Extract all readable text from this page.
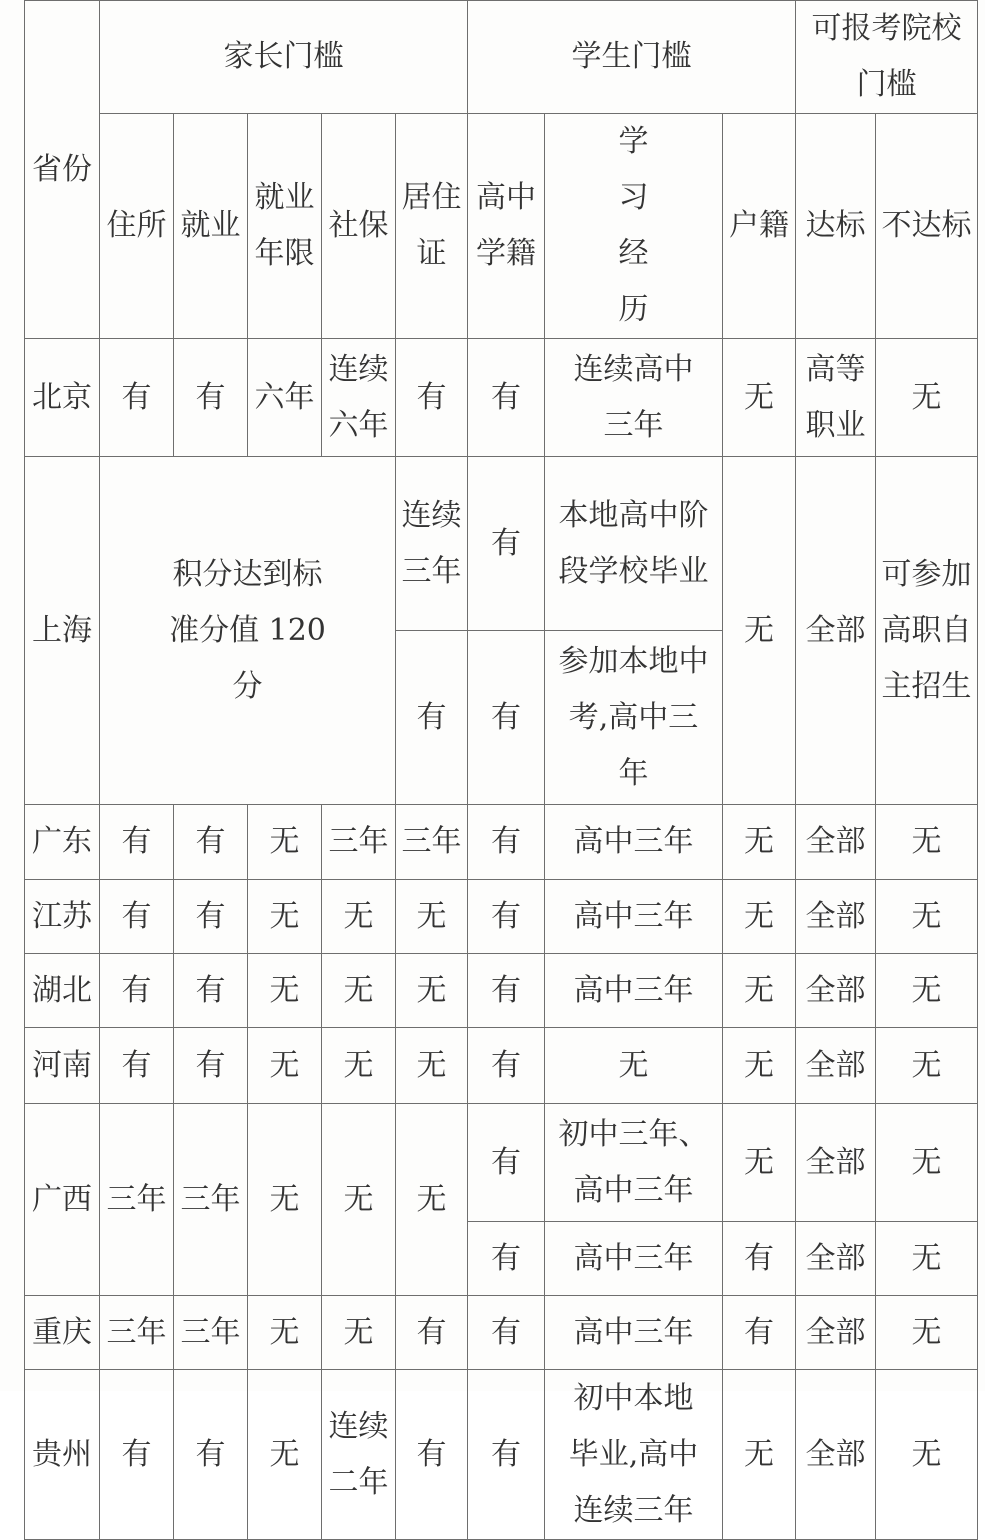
省份	家长门槛					学生门槛			可报考院校门槛	
	住所	就业	就业年限	社保	居住证	高中学籍	学习经历	户籍	达标	不达标
北京	有	有	六年	连续六年	有	有	连续高中三年	无	高等职业	无
上海	积分达到标准分值 120 分				连续三年	有	本地高中阶段学校毕业	无	全部	可参加高职自主招生
					有	有	参加本地中考,高中三年			
广东	有	有	无	三年	三年	有	高中三年	无	全部	无
江苏	有	有	无	无	无	有	高中三年	无	全部	无
湖北	有	有	无	无	无	有	高中三年	无	全部	无
河南	有	有	无	无	无	有	无	无	全部	无
广西	三年	三年	无	无	无	有	初中三年、高中三年	无	全部	无
						有	高中三年	有	全部	无
重庆	三年	三年	无	无	有	有	高中三年	有	全部	无
贵州	有	有	无	连续二年	有	有	初中本地毕业,高中连续三年	无	全部	无
